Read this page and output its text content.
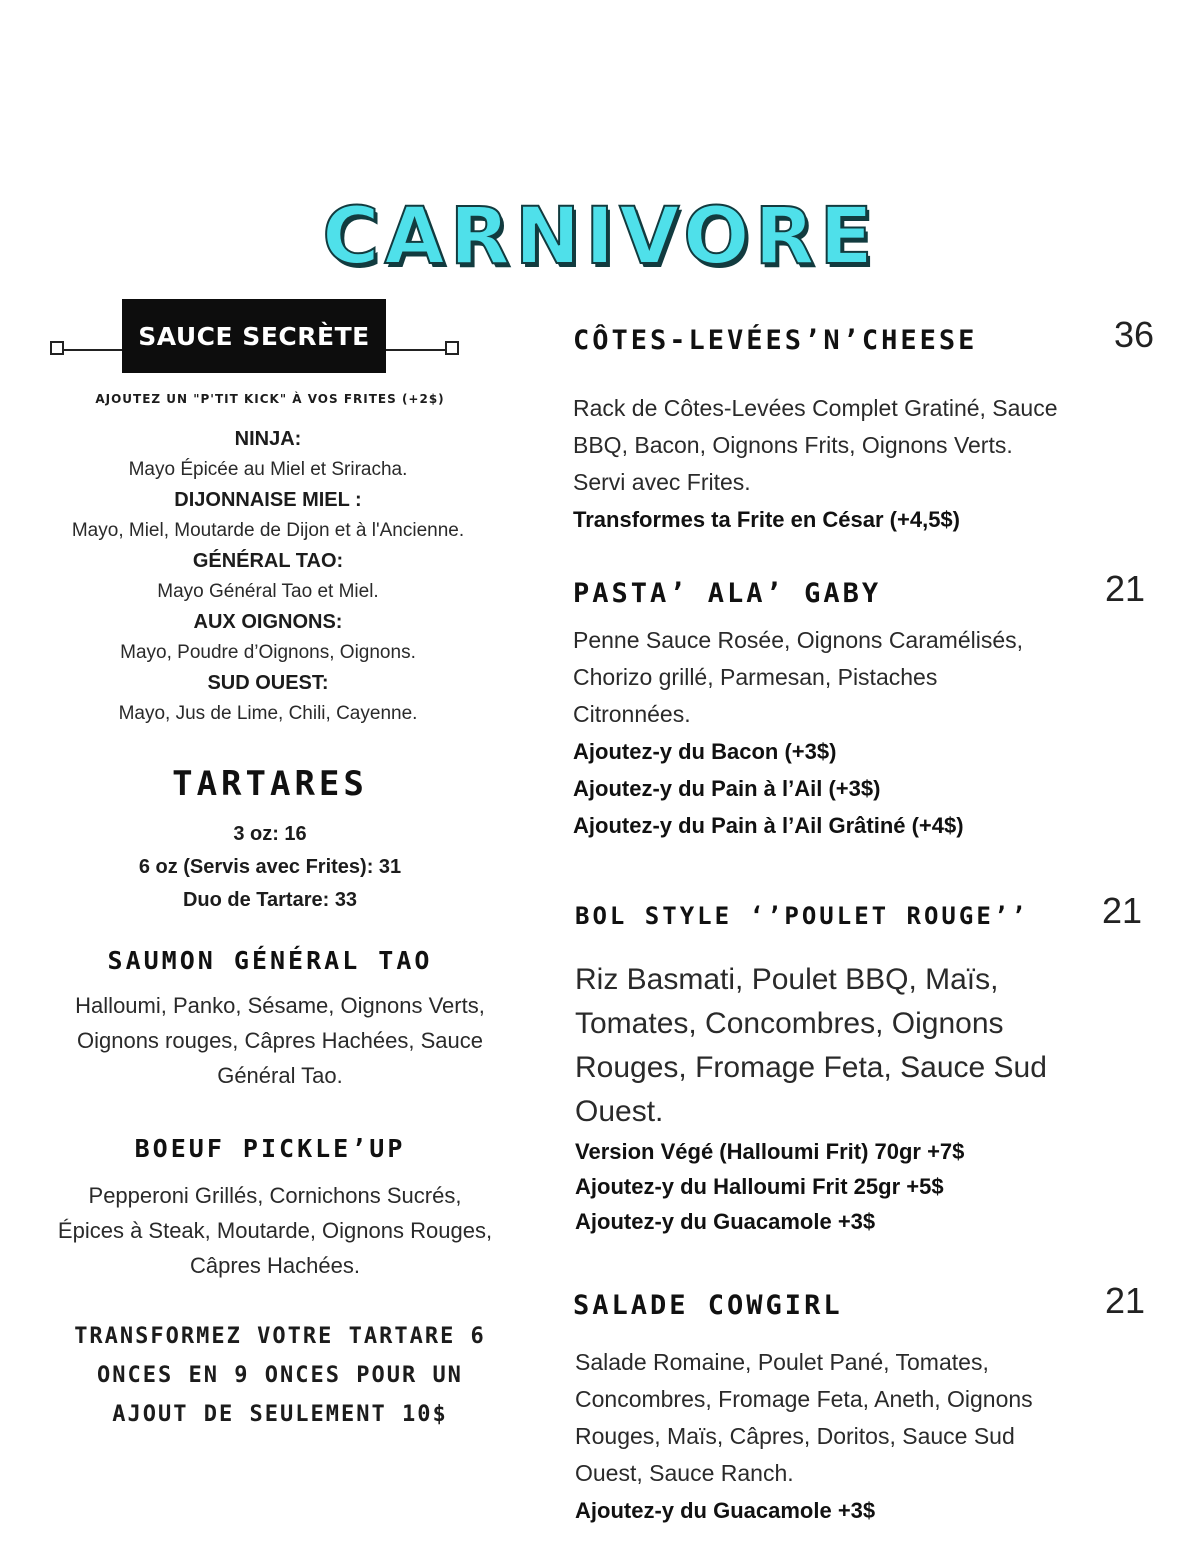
CARNIVORE
SAUCE SECRÈTE
AJOUTEZ UN "P'TIT KICK" À VOS FRITES (+2$)
NINJA:
Mayo Épicée au Miel et Sriracha.
DIJONNAISE MIEL :
Mayo, Miel, Moutarde de Dijon et à l'Ancienne.
GÉNÉRAL TAO:
Mayo Général Tao et Miel.
AUX OIGNONS:
Mayo, Poudre d’Oignons, Oignons.
SUD OUEST:
Mayo, Jus de Lime, Chili, Cayenne.
TARTARES
3 oz: 16
6 oz (Servis avec Frites): 31
Duo de Tartare: 33
SAUMON GÉNÉRAL TAO
Halloumi, Panko, Sésame, Oignons Verts,
Oignons rouges, Câpres Hachées, Sauce
Général Tao.
BOEUF PICKLE’UP
Pepperoni Grillés, Cornichons Sucrés,
Épices à Steak, Moutarde, Oignons Rouges,
Câpres Hachées.
TRANSFORMEZ VOTRE TARTARE 6
ONCES EN 9 ONCES POUR UN
AJOUT DE SEULEMENT 10$
CÔTES-LEVÉES’N’CHEESE	36
Rack de Côtes-Levées Complet Gratiné, Sauce
BBQ, Bacon, Oignons Frits, Oignons Verts.
Servi avec Frites.
Transformes ta Frite en César (+4,5$)
PASTA’ ALA’ GABY	21
Penne Sauce Rosée, Oignons Caramélisés,
Chorizo grillé, Parmesan, Pistaches
Citronnées.
Ajoutez-y du Bacon (+3$)
Ajoutez-y du Pain à l’Ail (+3$)
Ajoutez-y du Pain à l’Ail Grâtiné (+4$)
BOL STYLE ‘’POULET ROUGE’’ 21
Riz Basmati, Poulet BBQ, Maïs,
Tomates, Concombres, Oignons
Rouges, Fromage Feta, Sauce Sud
Ouest.
Version Végé (Halloumi Frit) 70gr +7$
Ajoutez-y du Halloumi Frit 25gr +5$
Ajoutez-y du Guacamole +3$
SALADE COWGIRL	21
Salade Romaine, Poulet Pané, Tomates,
Concombres, Fromage Feta, Aneth, Oignons
Rouges, Maïs, Câpres, Doritos, Sauce Sud
Ouest, Sauce Ranch.
Ajoutez-y du Guacamole +3$
